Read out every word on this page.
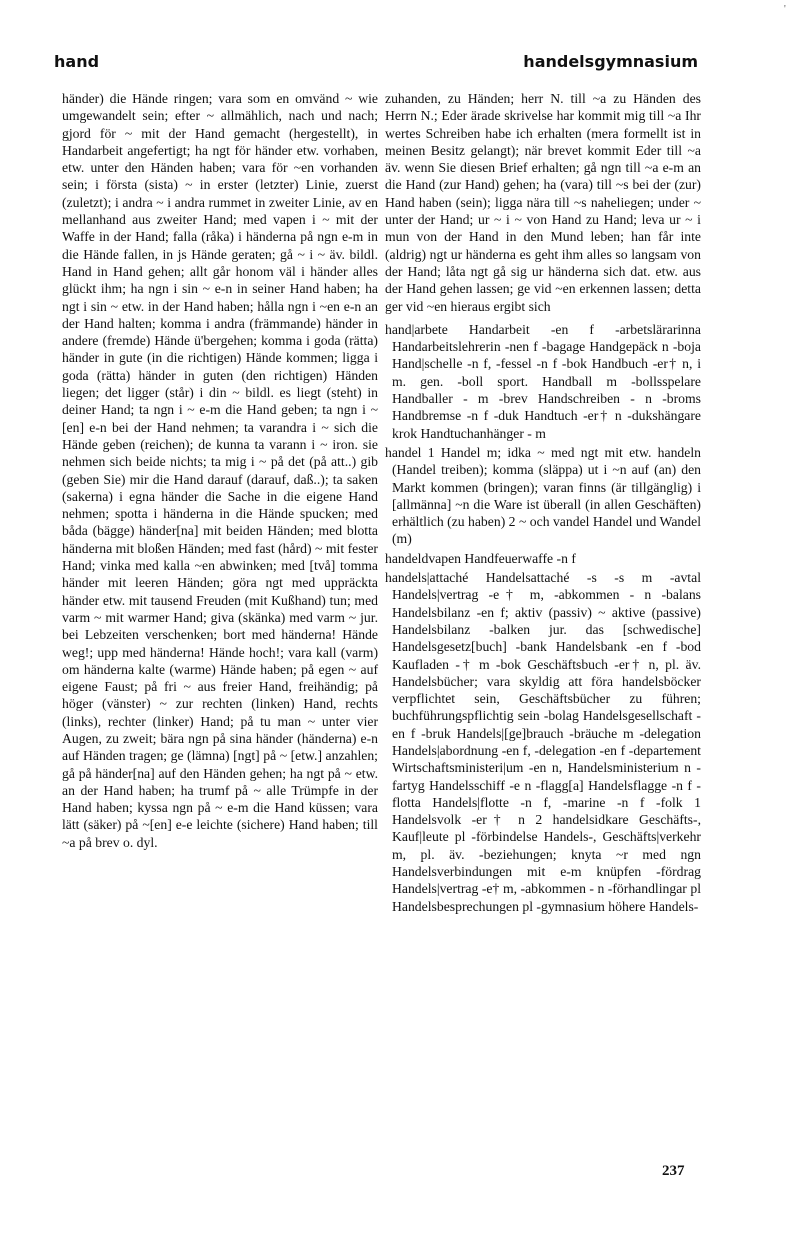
hand	handelsgymnasium
'

händer) die Hände ringen; vara som en omvänd ~ wie umgewandelt sein; efter ~ allmählich, nach und nach; gjord för ~ mit der Hand gemacht (hergestellt), in Handarbeit angefertigt; ha ngt för händer etw. vorhaben, etw. unter den Händen haben; vara för ~en vorhanden sein; i första (sista) ~ in erster (letzter) Linie, zuerst (zuletzt); i andra ~ i andra rummet in zweiter Linie, av en mellanhand aus zweiter Hand; med vapen i ~ mit der Waffe in der Hand; falla (råka) i händerna på ngn e-m in die Hände fallen, in js Hände geraten; gå ~ i ~ äv. bildl. Hand in Hand gehen; allt går honom väl i händer alles glückt ihm; ha ngn i sin ~ e-n in seiner Hand haben; ha ngt i sin ~ etw. in der Hand haben; hålla ngn i ~en e-n an der Hand halten; komma i andra (främmande) händer in andere (fremde) Hände ü'bergehen; komma i goda (rätta) händer in gute (in die richtigen) Hände kommen; ligga i goda (rätta) händer in guten (den richtigen) Händen liegen; det ligger (står) i din ~ bildl. es liegt (steht) in deiner Hand; ta ngn i ~ e-m die Hand geben; ta ngn i ~[en] e-n bei der Hand nehmen; ta varandra i ~ sich die Hände geben (reichen); de kunna ta varann i ~ iron. sie nehmen sich beide nichts; ta mig i ~ på det (på att..) gib (geben Sie) mir die Hand darauf (darauf, daß..); ta saken (sakerna) i egna händer die Sache in die eigene Hand nehmen; spotta i händerna in die Hände spucken; med båda (bägge) händer[na] mit beiden Händen; med blotta händerna mit bloßen Händen; med fast (hård) ~ mit fester Hand; vinka med kalla ~en abwinken; med [två] tomma händer mit leeren Händen; göra ngt med uppräckta händer etw. mit tausend Freuden (mit Kußhand) tun; med varm ~ mit warmer Hand; giva (skänka) med varm ~ jur. bei Lebzeiten verschenken; bort med händerna! Hände weg!; upp med händerna! Hände hoch!; vara kall (varm) om händerna kalte (warme) Hände haben; på egen ~ auf eigene Faust; på fri ~ aus freier Hand, freihändig; på höger (vänster) ~ zur rechten (linken) Hand, rechts (links), rechter (linker) Hand; på tu man ~ unter vier Augen, zu zweit; bära ngn på sina händer (händerna) e-n auf Händen tragen; ge (lämna) [ngt] på ~ [etw.] anzahlen; gå på händer[na] auf den Händen gehen; ha ngt på ~ etw. an der Hand haben; ha trumf på ~ alle Trümpfe in der Hand haben; kyssa ngn på ~ e-m die Hand küssen; vara lätt (säker) på ~[en] e-e leichte (sichere) Hand haben; till ~a på brev o. dyl.

zuhanden, zu Händen; herr N. till ~a zu Händen des Herrn N.; Eder ärade skrivelse har kommit mig till ~a Ihr wertes Schreiben habe ich erhalten (mera formellt ist in meinen Besitz gelangt); när brevet kommit Eder till ~a äv. wenn Sie diesen Brief erhalten; gå ngn till ~a e-m an die Hand (zur Hand) gehen; ha (vara) till ~s bei der (zur) Hand haben (sein); ligga nära till ~s naheliegen; under ~ unter der Hand; ur ~ i ~ von Hand zu Hand; leva ur ~ i mun von der Hand in den Mund leben; han får inte (aldrig) ngt ur händerna es geht ihm alles so langsam von der Hand; låta ngt gå sig ur händerna sich dat. etw. aus der Hand gehen lassen; ge vid ~en erkennen lassen; detta ger vid ~en hieraus ergibt sich

hand|arbete Handarbeit -en f -arbetslärarinna Handarbeitslehrerin -nen f -bagage Handgepäck n -boja Hand|schelle -n f, -fessel -n f -bok Handbuch -er† n, i m. gen. -boll sport. Handball m -bollsspelare Handballer - m -brev Handschreiben - n -broms Handbremse -n f -duk Handtuch -er† n -dukshängare krok Handtuchanhänger - m

handel 1 Handel m; idka ~ med ngt mit etw. handeln (Handel treiben); komma (släppa) ut i ~n auf (an) den Markt kommen (bringen); varan finns (är tillgänglig) i [allmänna] ~n die Ware ist überall (in allen Geschäften) erhältlich (zu haben) 2 ~ och vandel Handel und Wandel (m)

handeldvapen Handfeuerwaffe -n f

handels|attaché Handelsattaché -s -s m -avtal Handels|vertrag -e† m, -abkommen - n -balans Handelsbilanz -en f; aktiv (passiv) ~ aktive (passive) Handelsbilanz -balken jur. das [schwedische] Handelsgesetz[buch] -bank Handelsbank -en f -bod Kaufladen -† m -bok Geschäftsbuch -er† n, pl. äv. Handelsbücher; vara skyldig att föra handelsböcker verpflichtet sein, Geschäftsbücher zu führen; buchführungspflichtig sein -bolag Handelsgesellschaft -en f -bruk Handels|[ge]brauch -bräuche m -delegation Handels|abordnung -en f, -delegation -en f -departement Wirtschaftsministeri|um -en n, Handelsministerium n -fartyg Handelsschiff -e n -flagg[a] Handelsflagge -n f -flotta Handels|flotte -n f, -marine -n f -folk 1 Handelsvolk -er† n 2 handelsidkare Geschäfts-, Kauf|leute pl -förbindelse Handels-, Geschäfts|verkehr m, pl. äv. -beziehungen; knyta ~r med ngn Handelsverbindungen mit e-m knüpfen -fördrag Handels|vertrag -e† m, -abkommen - n -förhandlingar pl Handelsbesprechungen pl -gymnasium höhere Handels-

237
